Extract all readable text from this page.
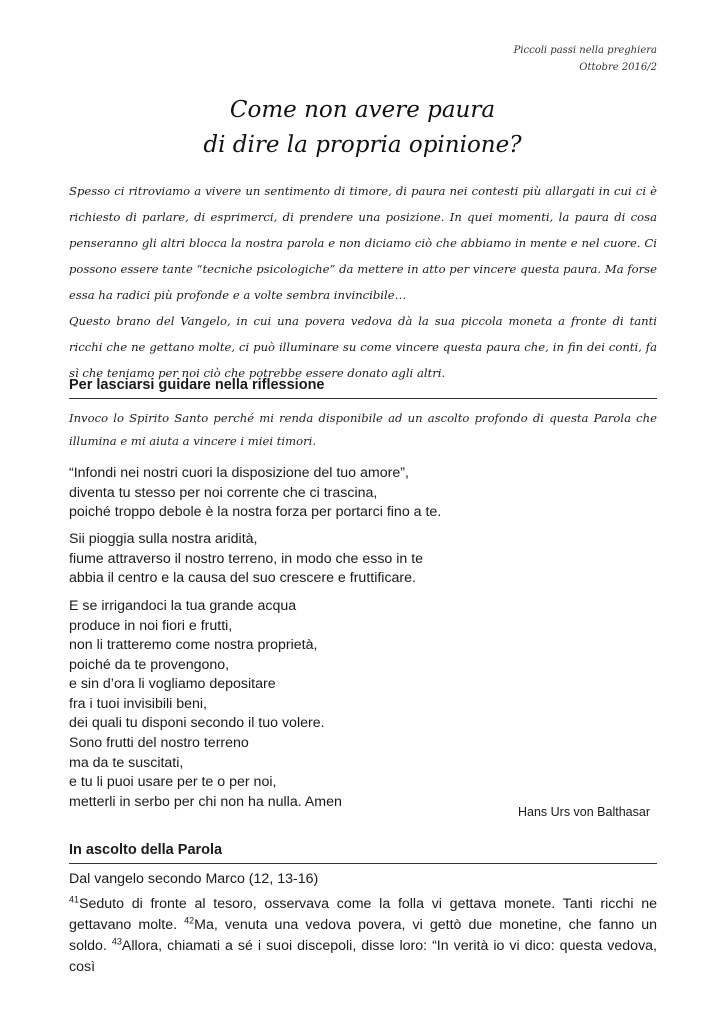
Piccoli passi nella preghiera
Ottobre 2016/2
Come non avere paura
di dire la propria opinione?

Spesso ci ritroviamo a vivere un sentimento di timore, di paura nei contesti più allargati in cui ci è richiesto di parlare, di esprimerci, di prendere una posizione. In quei momenti, la paura di cosa penseranno gli altri blocca la nostra parola e non diciamo ciò che abbiamo in mente e nel cuore. Ci possono essere tante “tecniche psicologiche” da mettere in atto per vincere questa paura. Ma forse essa ha radici più profonde e a volte sembra invincibile…

Questo brano del Vangelo, in cui una povera vedova dà la sua piccola moneta a fronte di tanti ricchi che ne gettano molte, ci può illuminare su come vincere questa paura che, in fin dei conti, fa sì che teniamo per noi ciò che potrebbe essere donato agli altri.

Per lasciarsi guidare nella riflessione
Invoco lo Spirito Santo perché mi renda disponibile ad un ascolto profondo di questa Parola che illumina e mi aiuta a vincere i miei timori.
“Infondi nei nostri cuori la disposizione del tuo amore”,
diventa tu stesso per noi corrente che ci trascina,
poiché troppo debole è la nostra forza per portarci fino a te.
Sii pioggia sulla nostra aridità,
fiume attraverso il nostro terreno, in modo che esso in te
abbia il centro e la causa del suo crescere e fruttificare.
E se irrigandoci la tua grande acqua
produce in noi fiori e frutti,
non li tratteremo come nostra proprietà,
poiché da te provengono,
e sin d’ora li vogliamo depositare
fra i tuoi invisibili beni,
dei quali tu disponi secondo il tuo volere.
Sono frutti del nostro terreno
ma da te suscitati,
e tu li puoi usare per te o per noi,
metterli in serbo per chi non ha nulla. Amen
Hans Urs von Balthasar
In ascolto della Parola
Dal vangelo secondo Marco (12, 13-16)
$^{41}$Seduto di fronte al tesoro, osservava come la folla vi gettava monete. Tanti ricchi ne gettavano molte. $^{42}$Ma, venuta una vedova povera, vi gettò due monetine, che fanno un soldo. $^{43}$Allora, chiamati a sé i suoi discepoli, disse loro: “In verità io vi dico: questa vedova, così
